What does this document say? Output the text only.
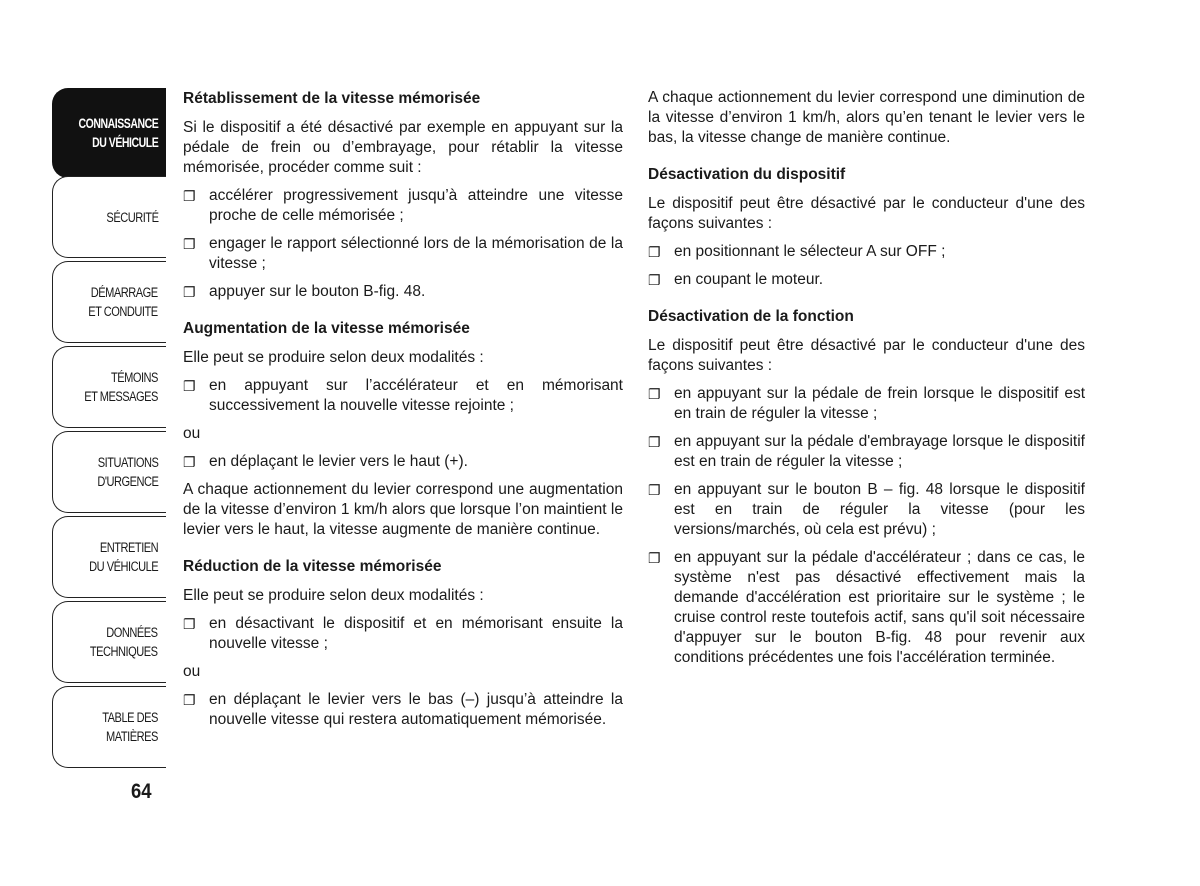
CONNAISSANCE
DU VÉHICULE
SÉCURITÉ
DÉMARRAGE
ET CONDUITE
TÉMOINS
ET MESSAGES
SITUATIONS
D'URGENCE
ENTRETIEN
DU VÉHICULE
DONNÉES
TECHNIQUES
TABLE DES
MATIÈRES
64
Rétablissement de la vitesse mémorisée

Si le dispositif a été désactivé par exemple en appuyant sur la pédale de frein ou d’embrayage, pour rétablir la vitesse mémorisée, procéder comme suit :

❐ accélérer progressivement jusqu’à atteindre une vitesse proche de celle mémorisée ;
❐ engager le rapport sélectionné lors de la mémorisation de la vitesse ;
❐ appuyer sur le bouton B-fig. 48.
Augmentation de la vitesse mémorisée

Elle peut se produire selon deux modalités :

❐ en appuyant sur l’accélérateur et en mémorisant successivement la nouvelle vitesse rejointe ;

ou

❐ en déplaçant le levier vers le haut (+).

A chaque actionnement du levier correspond une augmentation de la vitesse d’environ 1 km/h alors que lorsque l’on maintient le levier vers le haut, la vitesse augmente de manière continue.

Réduction de la vitesse mémorisée

Elle peut se produire selon deux modalités :

❐ en désactivant le dispositif et en mémorisant ensuite la nouvelle vitesse ;

ou

❐ en déplaçant le levier vers le bas (–) jusqu’à atteindre la nouvelle vitesse qui restera automatiquement mémorisée.

A chaque actionnement du levier correspond une diminution de la vitesse d’environ 1 km/h, alors qu’en tenant le levier vers le bas, la vitesse change de manière continue.

Désactivation du dispositif

Le dispositif peut être désactivé par le conducteur d'une des façons suivantes :

❐ en positionnant le sélecteur A sur OFF ;
❐ en coupant le moteur.
Désactivation de la fonction

Le dispositif peut être désactivé par le conducteur d'une des façons suivantes :

❐ en appuyant sur la pédale de frein lorsque le dispositif est en train de réguler la vitesse ;
❐ en appuyant sur la pédale d'embrayage lorsque le dispositif est en train de réguler la vitesse ;
❐ en appuyant sur le bouton B – fig. 48 lorsque le dispositif est en train de réguler la vitesse (pour les versions/marchés, où cela est prévu) ;
❐ en appuyant sur la pédale d'accélérateur ; dans ce cas, le système n'est pas désactivé effectivement mais la demande d'accélération est prioritaire sur le système ; le cruise control reste toutefois actif, sans qu'il soit nécessaire d'appuyer sur le bouton B-fig. 48 pour revenir aux conditions précédentes une fois l'accélération terminée.
